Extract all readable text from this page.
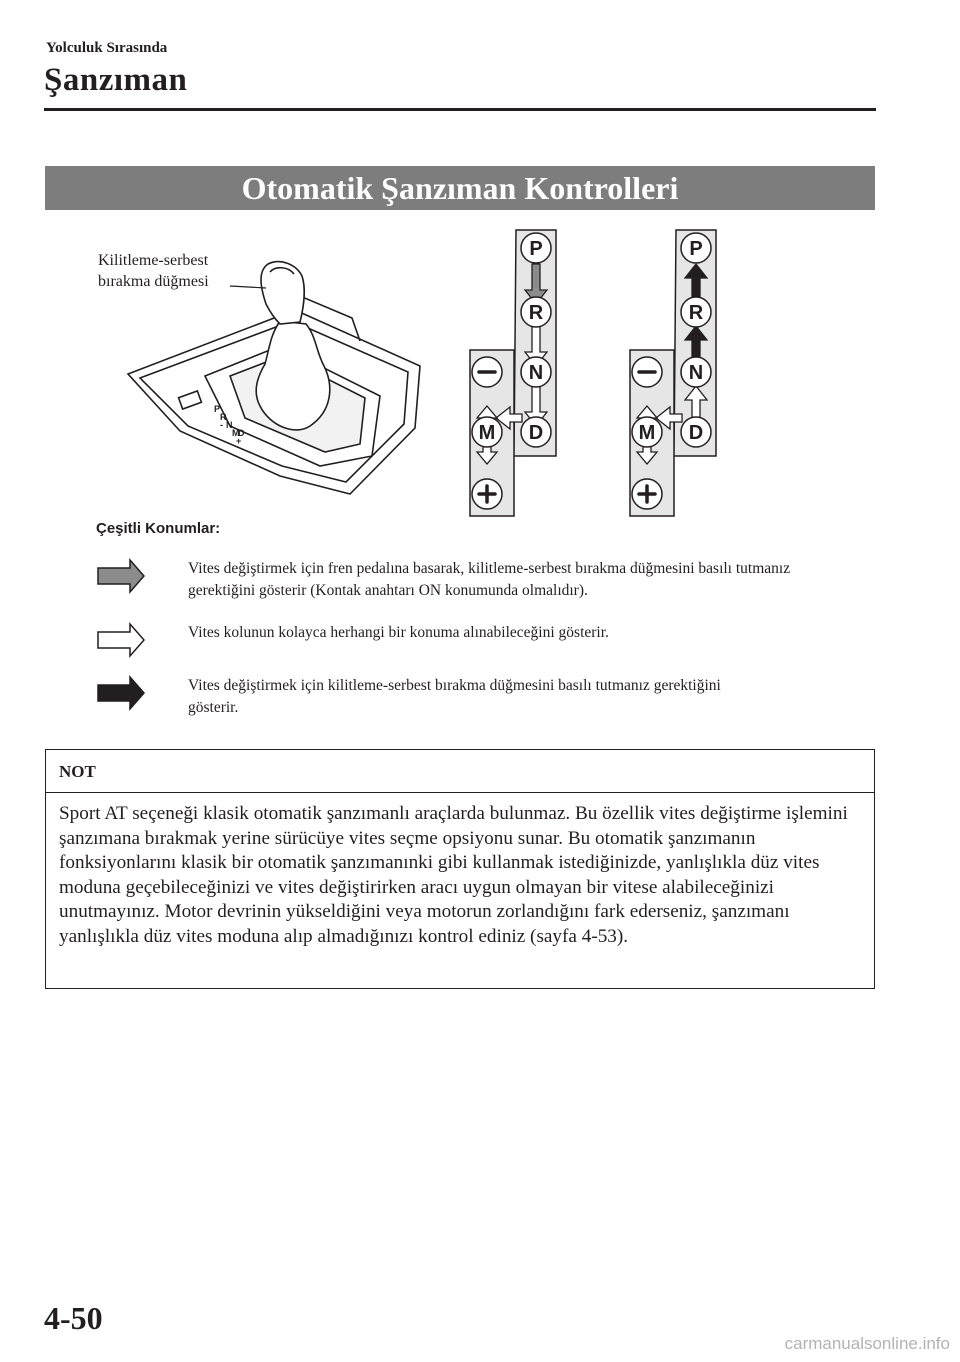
Yolculuk Sırasında
Şanzıman
Otomatik Şanzıman Kontrolleri
P
R
N
D
M
+
-
P
R
N
D
M
P
R
N
D
M
Kilitleme-serbest
bırakma düğmesi
Çeşitli Konumlar:
Vites değiştirmek için fren pedalına basarak, kilitleme-serbest bırakma düğmesini basılı tutmanız gerektiğini gösterir (Kontak anahtarı ON konumunda olmalıdır).
Vites kolunun kolayca herhangi bir konuma alınabileceğini gösterir.
Vites değiştirmek için kilitleme-serbest bırakma düğmesini basılı tutmanız gerektiğini gösterir.
NOT
Sport AT seçeneği klasik otomatik şanzımanlı araçlarda bulunmaz. Bu özellik vites değiştirme işlemini şanzımana bırakmak yerine sürücüye vites seçme opsiyonu sunar. Bu otomatik şanzımanın fonksiyonlarını klasik bir otomatik şanzımanınki gibi kullanmak istediğinizde, yanlışlıkla düz vites moduna geçebileceğinizi ve vites değiştirirken aracı uygun olmayan bir vitese alabileceğinizi unutmayınız. Motor devrinin yükseldiğini veya motorun zorlandığını fark ederseniz, şanzımanı yanlışlıkla düz vites moduna alıp almadığınızı kontrol ediniz (sayfa 4-53).
4-50
carmanualsonline.info
